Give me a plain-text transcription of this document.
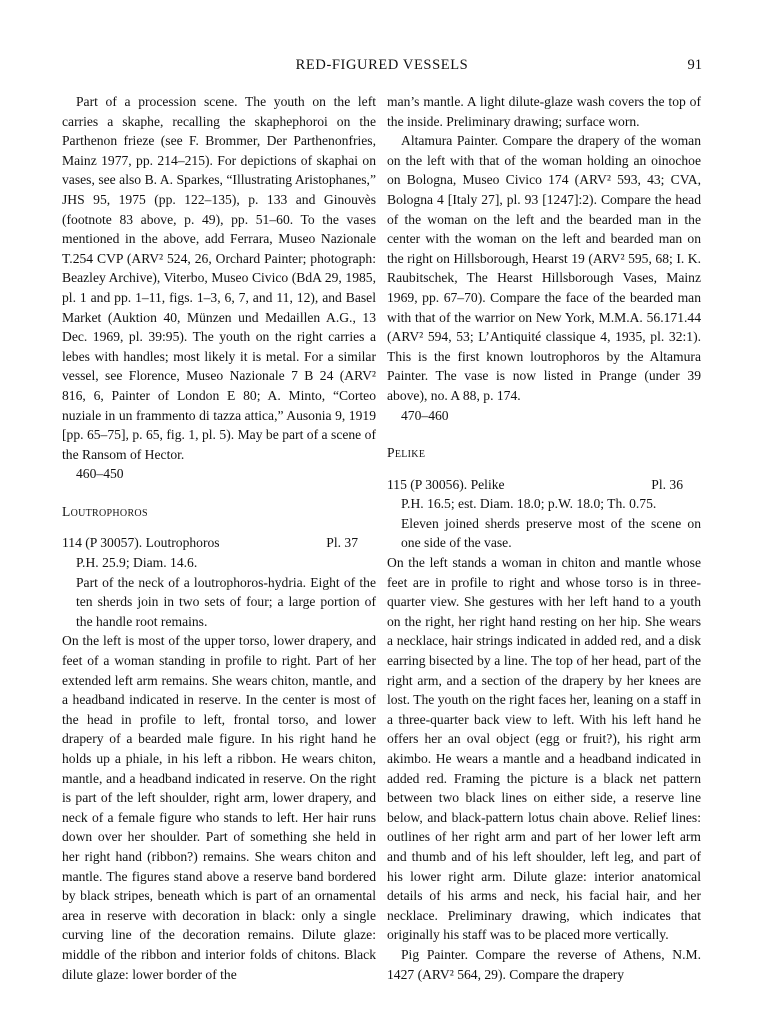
RED-FIGURED VESSELS	91

Part of a procession scene. The youth on the left carries a skaphe, recalling the skaphephoroi on the Parthenon frieze (see F. Brommer, Der Parthenonfries, Mainz 1977, pp. 214–215). For depictions of skaphai on vases, see also B. A. Sparkes, “Illustrating Aristophanes,” JHS 95, 1975 (pp. 122–135), p. 133 and Ginouvès (footnote 83 above, p. 49), pp. 51–60. To the vases mentioned in the above, add Ferrara, Museo Nazionale T.254 CVP (ARV² 524, 26, Orchard Painter; photograph: Beazley Archive), Viterbo, Museo Civico (BdA 29, 1985, pl. 1 and pp. 1–11, figs. 1–3, 6, 7, and 11, 12), and Basel Market (Auktion 40, Münzen und Medaillen A.G., 13 Dec. 1969, pl. 39:95). The youth on the right carries a lebes with handles; most likely it is metal. For a similar vessel, see Florence, Museo Nazionale 7 B 24 (ARV² 816, 6, Painter of London E 80; A. Minto, “Corteo nuziale in un frammento di tazza attica,” Ausonia 9, 1919 [pp. 65–75], p. 65, fig. 1, pl. 5). May be part of a scene of the Ransom of Hector.

460–450

Loutrophoros

114 (P 30057). Loutrophoros	Pl. 37

P.H. 25.9; Diam. 14.6.

Part of the neck of a loutrophoros-hydria. Eight of the ten sherds join in two sets of four; a large portion of the handle root remains.

On the left is most of the upper torso, lower drapery, and feet of a woman standing in profile to right. Part of her extended left arm remains. She wears chiton, mantle, and a headband indicated in reserve. In the center is most of the head in profile to left, frontal torso, and lower drapery of a bearded male figure. In his right hand he holds up a phiale, in his left a ribbon. He wears chiton, mantle, and a headband indicated in reserve. On the right is part of the left shoulder, right arm, lower drapery, and neck of a female figure who stands to left. Her hair runs down over her shoulder. Part of something she held in her right hand (ribbon?) remains. She wears chiton and mantle. The figures stand above a reserve band bordered by black stripes, beneath which is part of an ornamental area in reserve with decoration in black: only a single curving line of the decoration remains. Dilute glaze: middle of the ribbon and interior folds of chitons. Black dilute glaze: lower border of the

man’s mantle. A light dilute-glaze wash covers the top of the inside. Preliminary drawing; surface worn.

Altamura Painter. Compare the drapery of the woman on the left with that of the woman holding an oinochoe on Bologna, Museo Civico 174 (ARV² 593, 43; CVA, Bologna 4 [Italy 27], pl. 93 [1247]:2). Compare the head of the woman on the left and the bearded man in the center with the woman on the left and bearded man on the right on Hillsborough, Hearst 19 (ARV² 595, 68; I. K. Raubitschek, The Hearst Hillsborough Vases, Mainz 1969, pp. 67–70). Compare the face of the bearded man with that of the warrior on New York, M.M.A. 56.171.44 (ARV² 594, 53; L’Antiquité classique 4, 1935, pl. 32:1). This is the first known loutrophoros by the Altamura Painter. The vase is now listed in Prange (under 39 above), no. A 88, p. 174.

470–460

Pelike

115 (P 30056). Pelike	Pl. 36

P.H. 16.5; est. Diam. 18.0; p.W. 18.0; Th. 0.75.

Eleven joined sherds preserve most of the scene on one side of the vase.

On the left stands a woman in chiton and mantle whose feet are in profile to right and whose torso is in three-quarter view. She gestures with her left hand to a youth on the right, her right hand resting on her hip. She wears a necklace, hair strings indicated in added red, and a disk earring bisected by a line. The top of her head, part of the right arm, and a section of the drapery by her knees are lost. The youth on the right faces her, leaning on a staff in a three-quarter back view to left. With his left hand he offers her an oval object (egg or fruit?), his right arm akimbo. He wears a mantle and a headband indicated in added red. Framing the picture is a black net pattern between two black lines on either side, a reserve line below, and black-pattern lotus chain above. Relief lines: outlines of her right arm and part of her lower left arm and thumb and of his left shoulder, left leg, and part of his lower right arm. Dilute glaze: interior anatomical details of his arms and neck, his facial hair, and her necklace. Preliminary drawing, which indicates that originally his staff was to be placed more vertically.

Pig Painter. Compare the reverse of Athens, N.M. 1427 (ARV² 564, 29). Compare the drapery
